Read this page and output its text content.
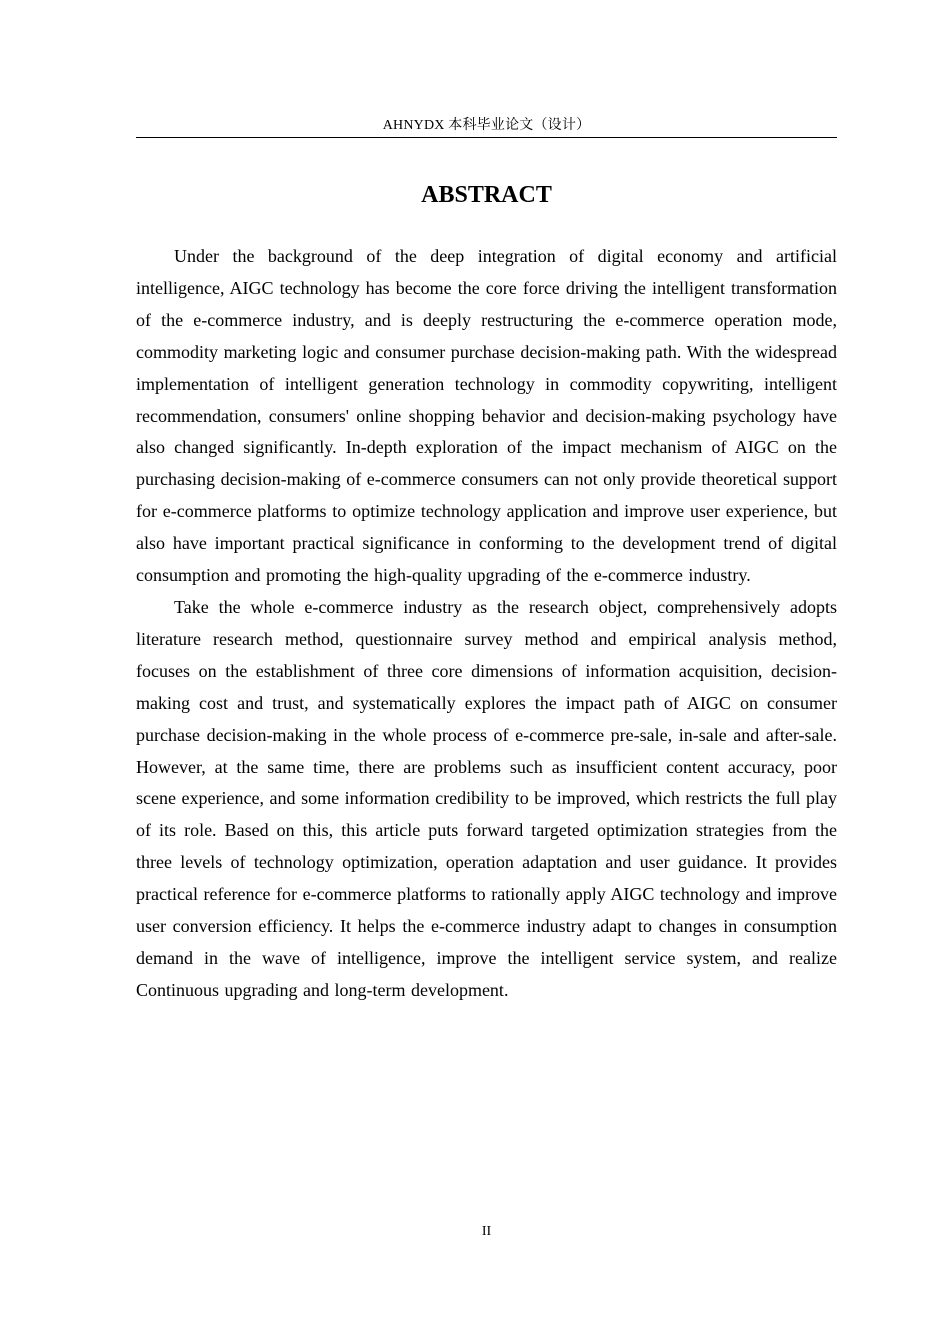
AHNYDX 本科毕业论文（设计）
ABSTRACT

Under the background of the deep integration of digital economy and artificial intelligence, AIGC technology has become the core force driving the intelligent transformation of the e-commerce industry, and is deeply restructuring the e-commerce operation mode, commodity marketing logic and consumer purchase decision-making path. With the widespread implementation of intelligent generation technology in commodity copywriting, intelligent recommendation, consumers' online shopping behavior and decision-making psychology have also changed significantly. In-depth exploration of the impact mechanism of AIGC on the purchasing decision-making of e-commerce consumers can not only provide theoretical support for e-commerce platforms to optimize technology application and improve user experience, but also have important practical significance in conforming to the development trend of digital consumption and promoting the high-quality upgrading of the e-commerce industry.

Take the whole e-commerce industry as the research object, comprehensively adopts literature research method, questionnaire survey method and empirical analysis method, focuses on the establishment of three core dimensions of information acquisition, decision-making cost and trust, and systematically explores the impact path of AIGC on consumer purchase decision-making in the whole process of e-commerce pre-sale, in-sale and after-sale. However, at the same time, there are problems such as insufficient content accuracy, poor scene experience, and some information credibility to be improved, which restricts the full play of its role. Based on this, this article puts forward targeted optimization strategies from the three levels of technology optimization, operation adaptation and user guidance. It provides practical reference for e-commerce platforms to rationally apply AIGC technology and improve user conversion efficiency. It helps the e-commerce industry adapt to changes in consumption demand in the wave of intelligence, improve the intelligent service system, and realize Continuous upgrading and long-term development.

II
